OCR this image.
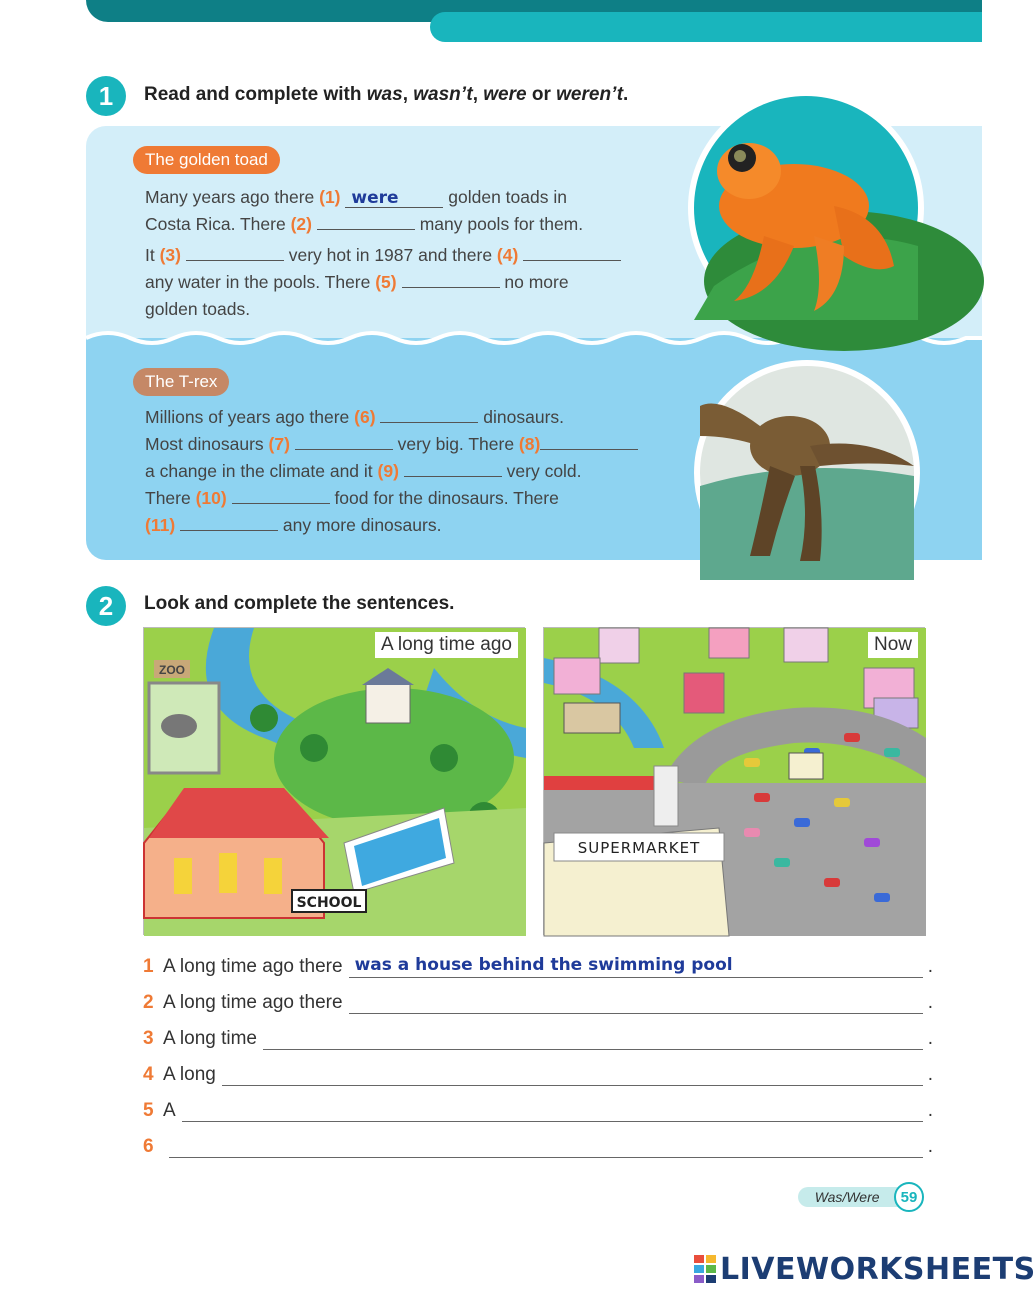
1	Read and complete with was, wasn’t, were or weren’t.
The golden toad
Many years ago there (1) were	golden toads in
Costa Rica. There (2)	many pools for them.
It (3)	very hot in 1987 and there (4)
any water in the pools. There (5)	no more
golden toads.
The T-rex
Millions of years ago there (6)	dinosaurs.
Most dinosaurs (7)	very big. There (8)
a change in the climate and it (9)	very cold.
There (10)	food for the dinosaurs. There
(11)	any more dinosaurs.
2	Look and complete the sentences.
ZOO
SCHOOL
A long time ago
SUPERMARKET
Now
1 A long time ago there was a house behind the swimming pool	.
2 A long time ago there	.
3 A long time	.
4 A long	.
5 A	.
6	.
Was / Were
	59
LIVEWORKSHEETS
